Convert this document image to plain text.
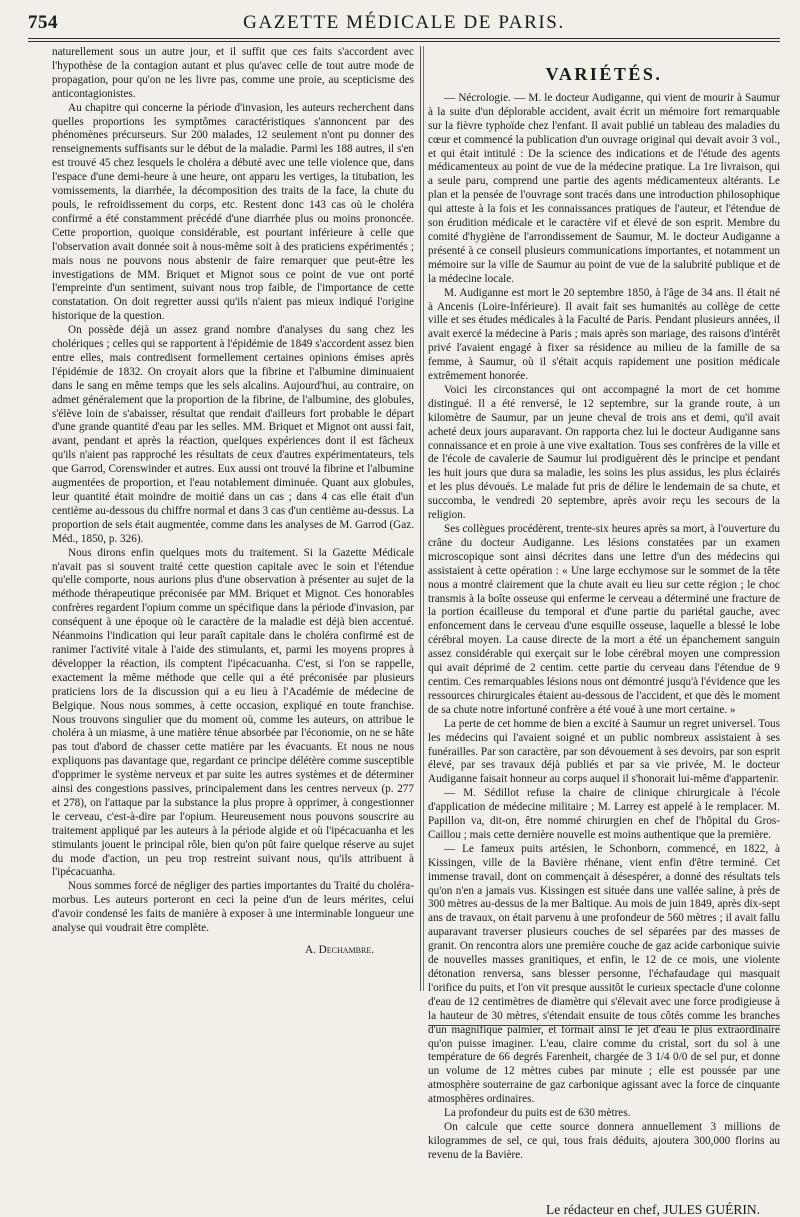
754	GAZETTE MÉDICALE DE PARIS.

naturellement sous un autre jour, et il suffit que ces faits s'accordent avec l'hypothèse de la contagion autant et plus qu'avec celle de tout autre mode de propagation, pour qu'on ne les livre pas, comme une proie, au scepticisme des anticontagionistes.

Au chapitre qui concerne la période d'invasion, les auteurs recherchent dans quelles proportions les symptômes caractéristiques s'annoncent par des phénomènes précurseurs. Sur 200 malades, 12 seulement n'ont pu donner des renseignements suffisants sur le début de la maladie. Parmi les 188 autres, il s'en est trouvé 45 chez lesquels le choléra a débuté avec une telle violence que, dans l'espace d'une demi-heure à une heure, ont apparu les vertiges, la titubation, les vomissements, la diarrhée, la décomposition des traits de la face, la chute du pouls, le refroidissement du corps, etc. Restent donc 143 cas où le choléra confirmé a été constamment précédé d'une diarrhée plus ou moins prononcée. Cette proportion, quoique considérable, est pourtant inférieure à celle que l'observation avait donnée soit à nous-même soit à des praticiens expérimentés ; mais nous ne pouvons nous abstenir de faire remarquer que peut-être les investigations de MM. Briquet et Mignot sous ce point de vue ont porté l'empreinte d'un sentiment, suivant nous trop faible, de l'importance de cette constatation. On doit regretter aussi qu'ils n'aient pas mieux indiqué l'origine historique de la question.

On possède déjà un assez grand nombre d'analyses du sang chez les cholériques ; celles qui se rapportent à l'épidémie de 1849 s'accordent assez bien entre elles, mais contredisent formellement certaines opinions émises après l'épidémie de 1832. On croyait alors que la fibrine et l'albumine diminuaient dans le sang en même temps que les sels alcalins. Aujourd'hui, au contraire, on admet généralement que la proportion de la fibrine, de l'albumine, des globules, s'élève loin de s'abaisser, résultat que rendait d'ailleurs fort probable le départ d'une grande quantité d'eau par les selles. MM. Briquet et Mignot ont aussi fait, avant, pendant et après la réaction, quelques expériences dont il est fâcheux qu'ils n'aient pas rapproché les résultats de ceux d'autres expérimentateurs, tels que Garrod, Corenswinder et autres. Eux aussi ont trouvé la fibrine et l'albumine augmentées de proportion, et l'eau notablement diminuée. Quant aux globules, leur quantité était moindre de moitié dans un cas ; dans 4 cas elle était d'un centième au-dessous du chiffre normal et dans 3 cas d'un centième au-dessus. La proportion de sels était augmentée, comme dans les analyses de M. Garrod (Gaz. Méd., 1850, p. 326).

Nous dirons enfin quelques mots du traitement. Si la Gazette Médicale n'avait pas si souvent traité cette question capitale avec le soin et l'étendue qu'elle comporte, nous aurions plus d'une observation à présenter au sujet de la méthode thérapeutique préconisée par MM. Briquet et Mignot. Ces honorables confrères regardent l'opium comme un spécifique dans la période d'invasion, par conséquent à une époque où le caractère de la maladie est déjà bien accentué. Néanmoins l'indication qui leur paraît capitale dans le choléra confirmé est de ranimer l'activité vitale à l'aide des stimulants, et, parmi les moyens propres à développer la réaction, ils comptent l'ipécacuanha. C'est, si l'on se rappelle, exactement la même méthode que celle qui a été préconisée par plusieurs praticiens lors de la discussion qui a eu lieu à l'Académie de médecine de Belgique. Nous nous sommes, à cette occasion, expliqué en toute franchise. Nous trouvons singulier que du moment où, comme les auteurs, on attribue le choléra à un miasme, à une matière ténue absorbée par l'économie, on ne se hâte pas tout d'abord de chasser cette matière par les évacuants. Et nous ne nous expliquons pas davantage que, regardant ce principe délétère comme susceptible d'opprimer le système nerveux et par suite les autres systèmes et de déterminer ainsi des congestions passives, principalement dans les centres nerveux (p. 277 et 278), on l'attaque par la substance la plus propre à opprimer, à congestionner le cerveau, c'est-à-dire par l'opium. Heureusement nous pouvons souscrire au traitement appliqué par les auteurs à la période algide et où l'ipécacuanha et les stimulants jouent le principal rôle, bien qu'on pût faire quelque réserve au sujet du mode d'action, un peu trop restreint suivant nous, qu'ils attribuent à l'ipécacuanha.

Nous sommes forcé de négliger des parties importantes du Traité du choléra-morbus. Les auteurs porteront en ceci la peine d'un de leurs mérites, celui d'avoir condensé les faits de manière à exposer à une interminable longueur une analyse qui voudrait être complète.

A. Dechambre.
VARIÉTÉS.

— Nécrologie. — M. le docteur Audiganne, qui vient de mourir à Saumur à la suite d'un déplorable accident, avait écrit un mémoire fort remarquable sur la fièvre typhoïde chez l'enfant. Il avait publié un tableau des maladies du cœur et commencé la publication d'un ouvrage original qui devait avoir 3 vol., et qui était intitulé : De la science des indications et de l'étude des agents médicamenteux au point de vue de la médecine pratique. La 1re livraison, qui a seule paru, comprend une partie des agents médicamenteux altérants. Le plan et la pensée de l'ouvrage sont tracés dans une introduction philosophique qui atteste à la fois et les connaissances pratiques de l'auteur, et l'étendue de son érudition médicale et le caractère vif et élevé de son esprit. Membre du comité d'hygiène de l'arrondissement de Saumur, M. le docteur Audiganne a présenté à ce conseil plusieurs communications importantes, et notamment un mémoire sur la ville de Saumur au point de vue de la salubrité publique et de la médecine locale.

M. Audiganne est mort le 20 septembre 1850, à l'âge de 34 ans. Il était né à Ancenis (Loire-Inférieure). Il avait fait ses humanités au collège de cette ville et ses études médicales à la Faculté de Paris. Pendant plusieurs années, il avait exercé la médecine à Paris ; mais après son mariage, des raisons d'intérêt privé l'avaient engagé à fixer sa résidence au milieu de la famille de sa femme, à Saumur, où il s'était acquis rapidement une position médicale extrêmement honorée.

Voici les circonstances qui ont accompagné la mort de cet homme distingué. Il a été renversé, le 12 septembre, sur la grande route, à un kilomètre de Saumur, par un jeune cheval de trois ans et demi, qu'il avait acheté deux jours auparavant. On rapporta chez lui le docteur Audiganne sans connaissance et en proie à une vive exaltation. Tous ses confrères de la ville et de l'école de cavalerie de Saumur lui prodiguèrent dès le principe et pendant les huit jours que dura sa maladie, les soins les plus assidus, les plus éclairés et les plus dévoués. Le malade fut pris de délire le lendemain de sa chute, et succomba, le vendredi 20 septembre, après avoir reçu les secours de la religion.

Ses collègues procédèrent, trente-six heures après sa mort, à l'ouverture du crâne du docteur Audiganne. Les lésions constatées par un examen microscopique sont ainsi décrites dans une lettre d'un des médecins qui assistaient à cette opération : « Une large ecchymose sur le sommet de la tête nous a montré clairement que la chute avait eu lieu sur cette région ; le choc transmis à la boîte osseuse qui enferme le cerveau a déterminé une fracture de la portion écailleuse du temporal et d'une partie du pariétal gauche, avec enfoncement dans le cerveau d'une esquille osseuse, laquelle a blessé le lobe cérébral moyen. La cause directe de la mort a été un épanchement sanguin assez considérable qui exerçait sur le lobe cérébral moyen une compression qui avait déprimé de 2 centim. cette partie du cerveau dans l'étendue de 9 centim. Ces remarquables lésions nous ont démontré jusqu'à l'évidence que les ressources chirurgicales étaient au-dessous de l'accident, et que dès le moment de sa chute notre infortuné confrère a été voué à une mort certaine. »

La perte de cet homme de bien a excité à Saumur un regret universel. Tous les médecins qui l'avaient soigné et un public nombreux assistaient à ses funérailles. Par son caractère, par son dévouement à ses devoirs, par son esprit élevé, par ses travaux déjà publiés et par sa vie privée, M. le docteur Audiganne faisait honneur au corps auquel il s'honorait lui-même d'appartenir.

— M. Sédillot refuse la chaire de clinique chirurgicale à l'école d'application de médecine militaire ; M. Larrey est appelé à le remplacer. M. Papillon va, dit-on, être nommé chirurgien en chef de l'hôpital du Gros-Caillou ; mais cette dernière nouvelle est moins authentique que la première.

— Le fameux puits artésien, le Schonborn, commencé, en 1822, à Kissingen, ville de la Bavière rhénane, vient enfin d'être terminé. Cet immense travail, dont on commençait à désespérer, a donné des résultats tels qu'on n'en a jamais vus. Kissingen est située dans une vallée saline, à près de 300 mètres au-dessus de la mer Baltique. Au mois de juin 1849, après dix-sept ans de travaux, on était parvenu à une profondeur de 560 mètres ; il avait fallu auparavant traverser plusieurs couches de sel séparées par des masses de granit. On rencontra alors une première couche de gaz acide carbonique suivie de nouvelles masses granitiques, et enfin, le 12 de ce mois, une violente détonation renversa, sans blesser personne, l'échafaudage qui masquait l'orifice du puits, et l'on vit presque aussitôt le curieux spectacle d'une colonne d'eau de 12 centimètres de diamètre qui s'élevait avec une force prodigieuse à la hauteur de 30 mètres, s'étendait ensuite de tous côtés comme les branches d'un magnifique palmier, et formait ainsi le jet d'eau le plus extraordinaire qu'on puisse imaginer. L'eau, claire comme du cristal, sort du sol à une température de 66 degrés Farenheit, chargée de 3 1/4 0/0 de sel pur, et donne un volume de 12 mètres cubes par minute ; elle est poussée par une atmosphère souterraine de gaz carbonique agissant avec la force de cinquante atmosphères ordinaires.

La profondeur du puits est de 630 mètres.

On calcule que cette source donnera annuellement 3 millions de kilogrammes de sel, ce qui, tous frais déduits, ajoutera 300,000 florins au revenu de la Bavière.

Le rédacteur en chef, JULES GUÉRIN.
